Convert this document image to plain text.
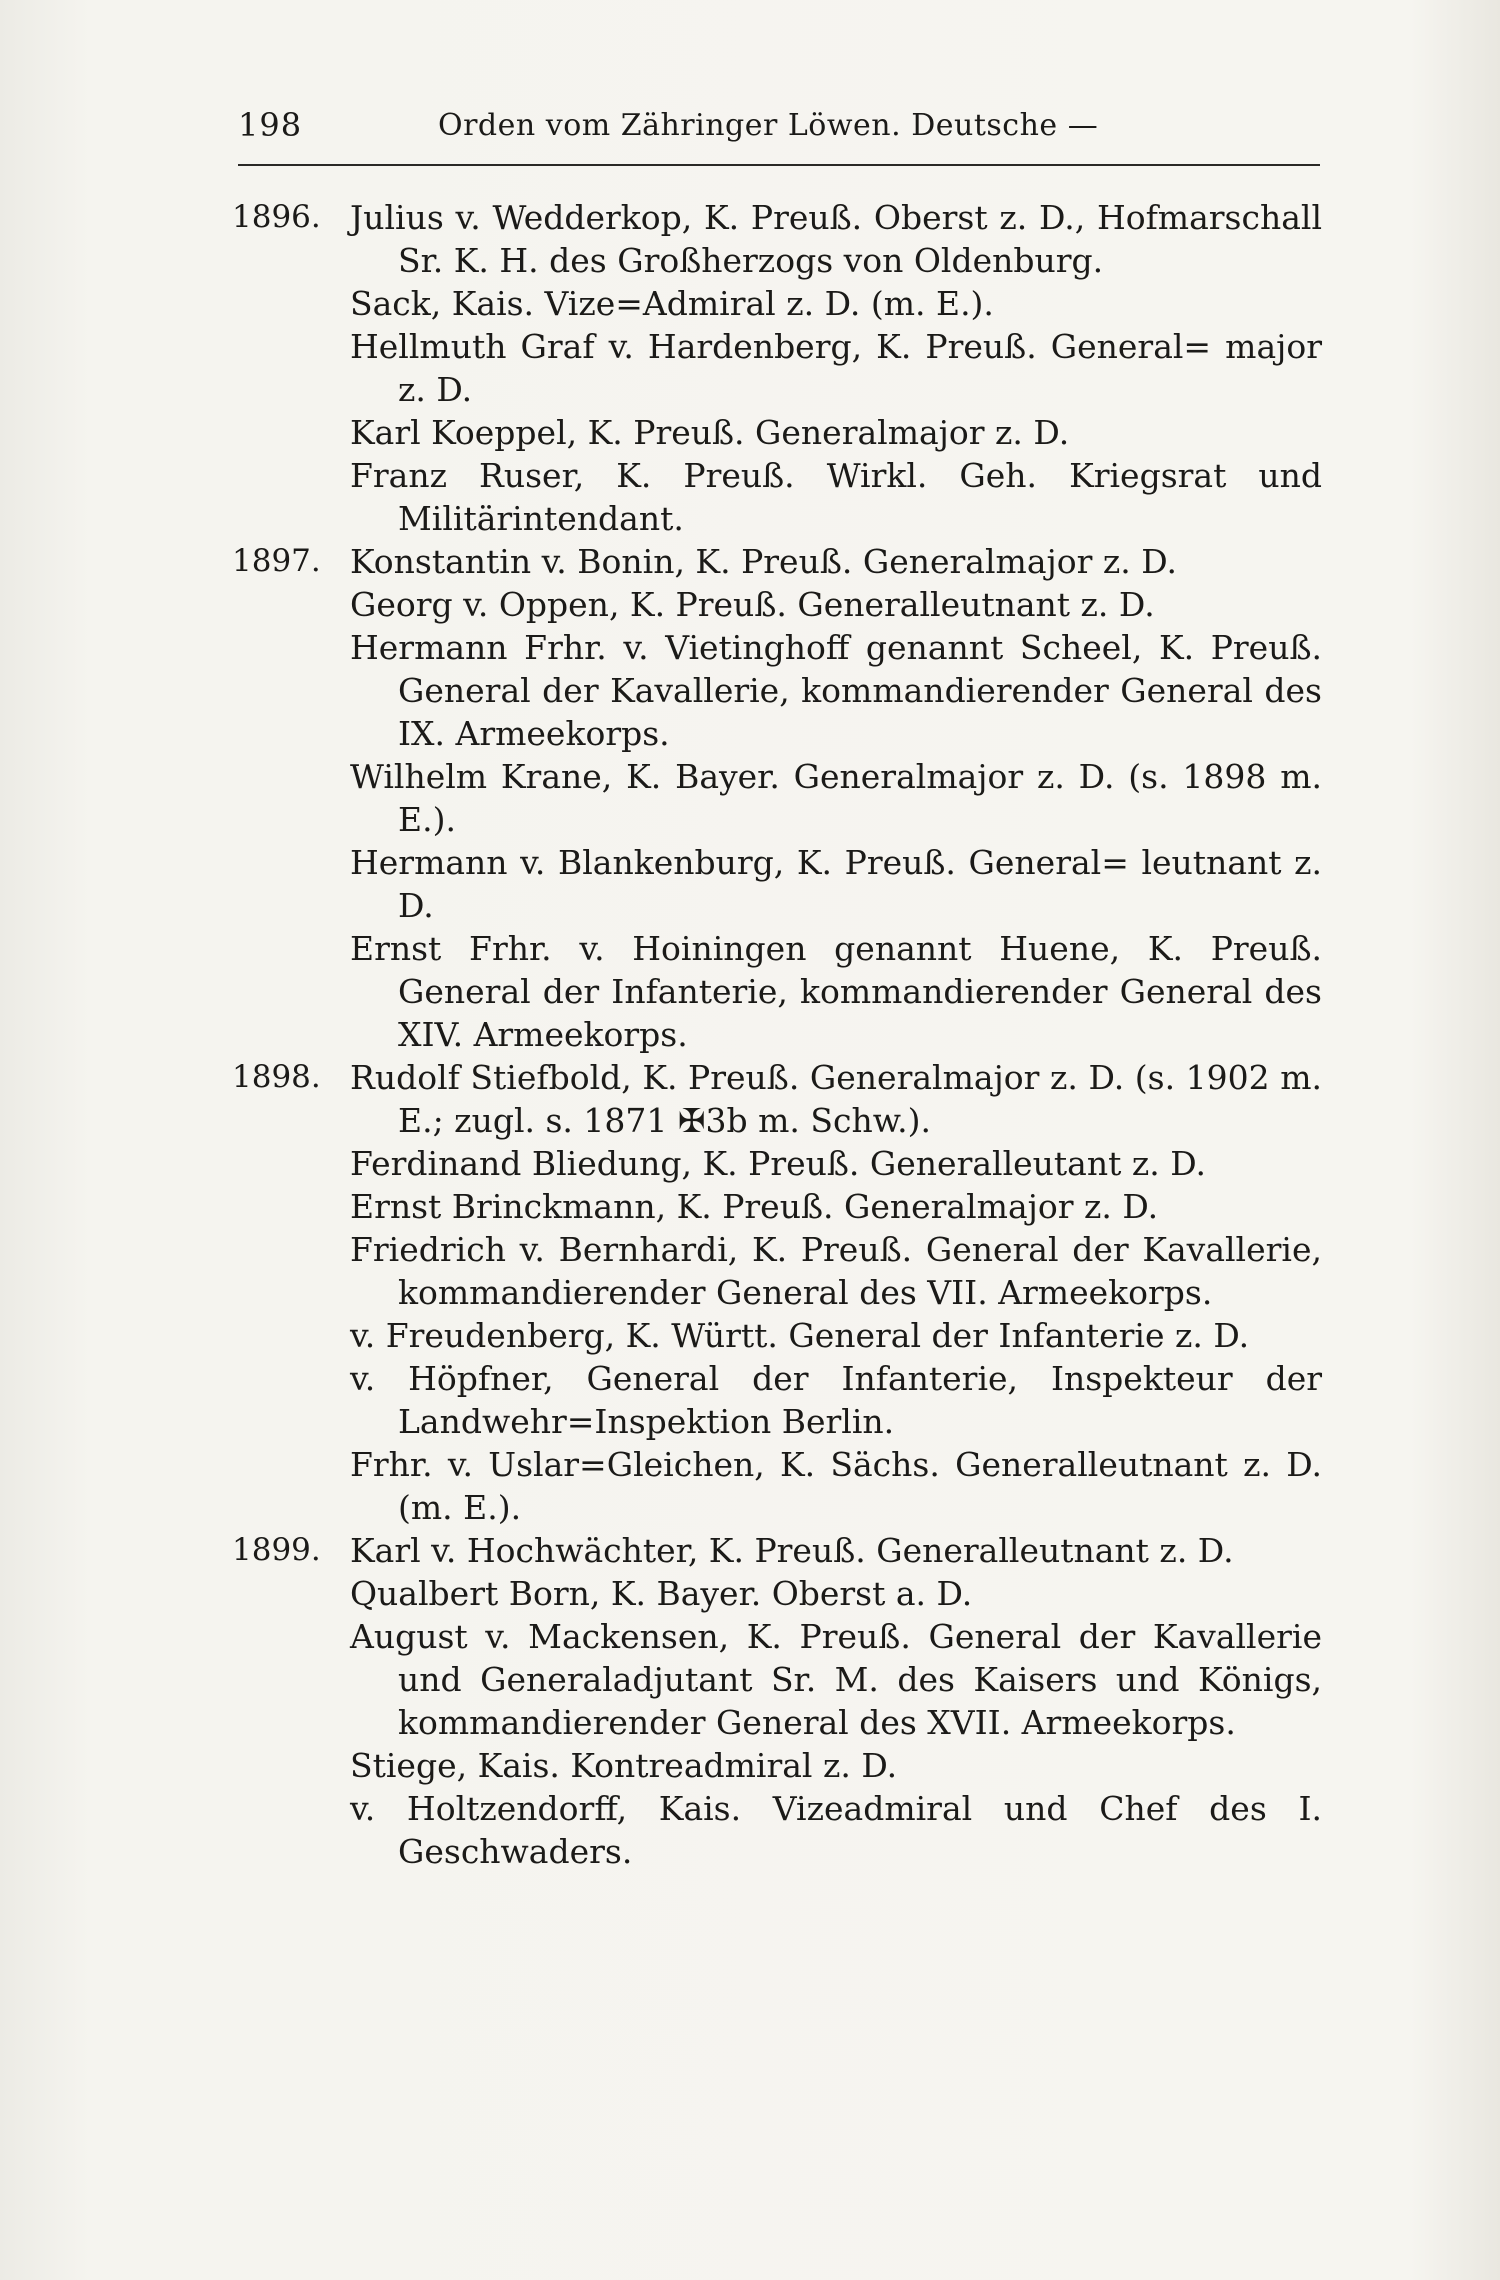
198	Orden vom Zähringer Löwen. Deutsche —
1896. Julius v. Wedderkop, K. Preuß. Oberst z. D., Hofmarschall Sr. K. H. des Großherzogs von Oldenburg.
Sack, Kais. Vize=Admiral z. D. (m. E.).
Hellmuth Graf v. Hardenberg, K. Preuß. General= major z. D.
Karl Koeppel, K. Preuß. Generalmajor z. D.
Franz Ruser, K. Preuß. Wirkl. Geh. Kriegsrat und Militärintendant.
1897. Konstantin v. Bonin, K. Preuß. Generalmajor z. D.
Georg v. Oppen, K. Preuß. Generalleutnant z. D.
Hermann Frhr. v. Vietinghoff genannt Scheel, K. Preuß. General der Kavallerie, kommandierender General des IX. Armeekorps.
Wilhelm Krane, K. Bayer. Generalmajor z. D. (s. 1898 m. E.).
Hermann v. Blankenburg, K. Preuß. General= leutnant z. D.
Ernst Frhr. v. Hoiningen genannt Huene, K. Preuß. General der Infanterie, kommandierender General des XIV. Armeekorps.
1898. Rudolf Stiefbold, K. Preuß. Generalmajor z. D. (s. 1902 m. E.; zugl. s. 1871 ✠3b m. Schw.).
Ferdinand Bliedung, K. Preuß. Generalleutant z. D.
Ernst Brinckmann, K. Preuß. Generalmajor z. D.
Friedrich v. Bernhardi, K. Preuß. General der Kavallerie, kommandierender General des VII. Armeekorps.
v. Freudenberg, K. Württ. General der Infanterie z. D.
v. Höpfner, General der Infanterie, Inspekteur der Landwehr=Inspektion Berlin.
Frhr. v. Uslar=Gleichen, K. Sächs. Generalleutnant z. D. (m. E.).
1899. Karl v. Hochwächter, K. Preuß. Generalleutnant z. D.
Qualbert Born, K. Bayer. Oberst a. D.
August v. Mackensen, K. Preuß. General der Kavallerie und Generaladjutant Sr. M. des Kaisers und Königs, kommandierender General des XVII. Armeekorps.
Stiege, Kais. Kontreadmiral z. D.
v. Holtzendorff, Kais. Vizeadmiral und Chef des I. Geschwaders.
